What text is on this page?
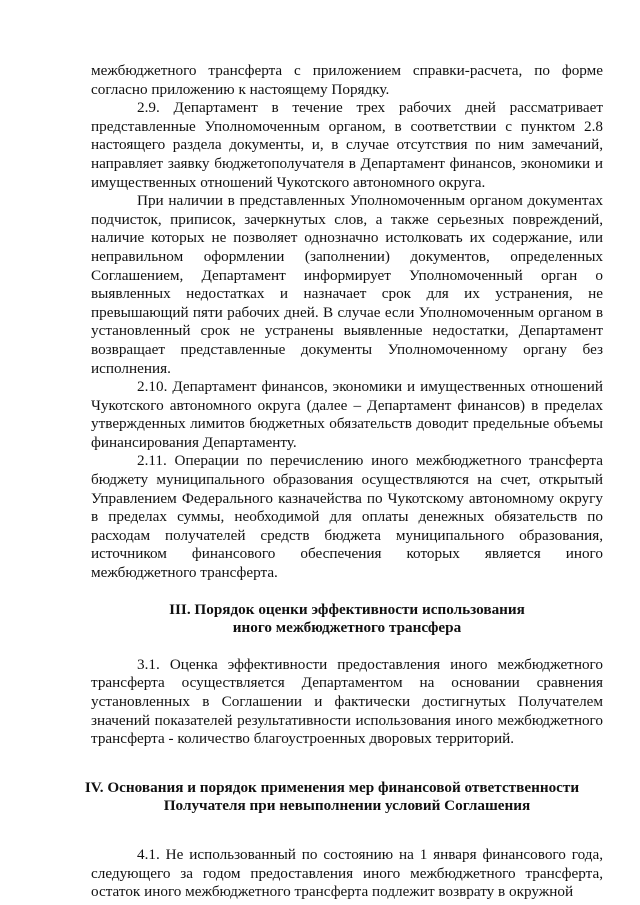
межбюджетного трансферта с приложением справки-расчета, по форме согласно приложению к настоящему Порядку.

2.9. Департамент в течение трех рабочих дней рассматривает представленные Уполномоченным органом, в соответствии с пунктом 2.8 настоящего раздела документы, и, в случае отсутствия по ним замечаний, направляет заявку бюджетополучателя в Департамент финансов, экономики и имущественных отношений Чукотского автономного округа.

При наличии в представленных Уполномоченным органом документах подчисток, приписок, зачеркнутых слов, а также серьезных повреждений, наличие которых не позволяет однозначно истолковать их содержание, или неправильном оформлении (заполнении) документов, определенных Соглашением, Департамент информирует Уполномоченный орган о выявленных недостатках и назначает срок для их устранения, не превышающий пяти рабочих дней. В случае если Уполномоченным органом в установленный срок не устранены выявленные недостатки, Департамент возвращает представленные документы Уполномоченному органу без исполнения.

2.10. Департамент финансов, экономики и имущественных отношений Чукотского автономного округа (далее – Департамент финансов) в пределах утвержденных лимитов бюджетных обязательств доводит предельные объемы финансирования Департаменту.

2.11. Операции по перечислению иного межбюджетного трансферта бюджету муниципального образования осуществляются на счет, открытый Управлением Федерального казначейства по Чукотскому автономному округу в пределах суммы, необходимой для оплаты денежных обязательств по расходам получателей средств бюджета муниципального образования, источником финансового обеспечения которых является иного межбюджетного трансферта.

III. Порядок оценки эффективности использования

иного межбюджетного трансфера

3.1. Оценка эффективности предоставления иного межбюджетного трансферта осуществляется Департаментом на основании сравнения установленных в Соглашении и фактически достигнутых Получателем значений показателей результативности использования иного межбюджетного трансферта - количество благоустроенных дворовых территорий.

IV. Основания и порядок применения мер финансовой ответственности

Получателя при невыполнении условий Соглашения

4.1. Не использованный по состоянию на 1 января финансового года, следующего за годом предоставления иного межбюджетного трансферта, остаток иного межбюджетного трансферта подлежит возврату в окружной
